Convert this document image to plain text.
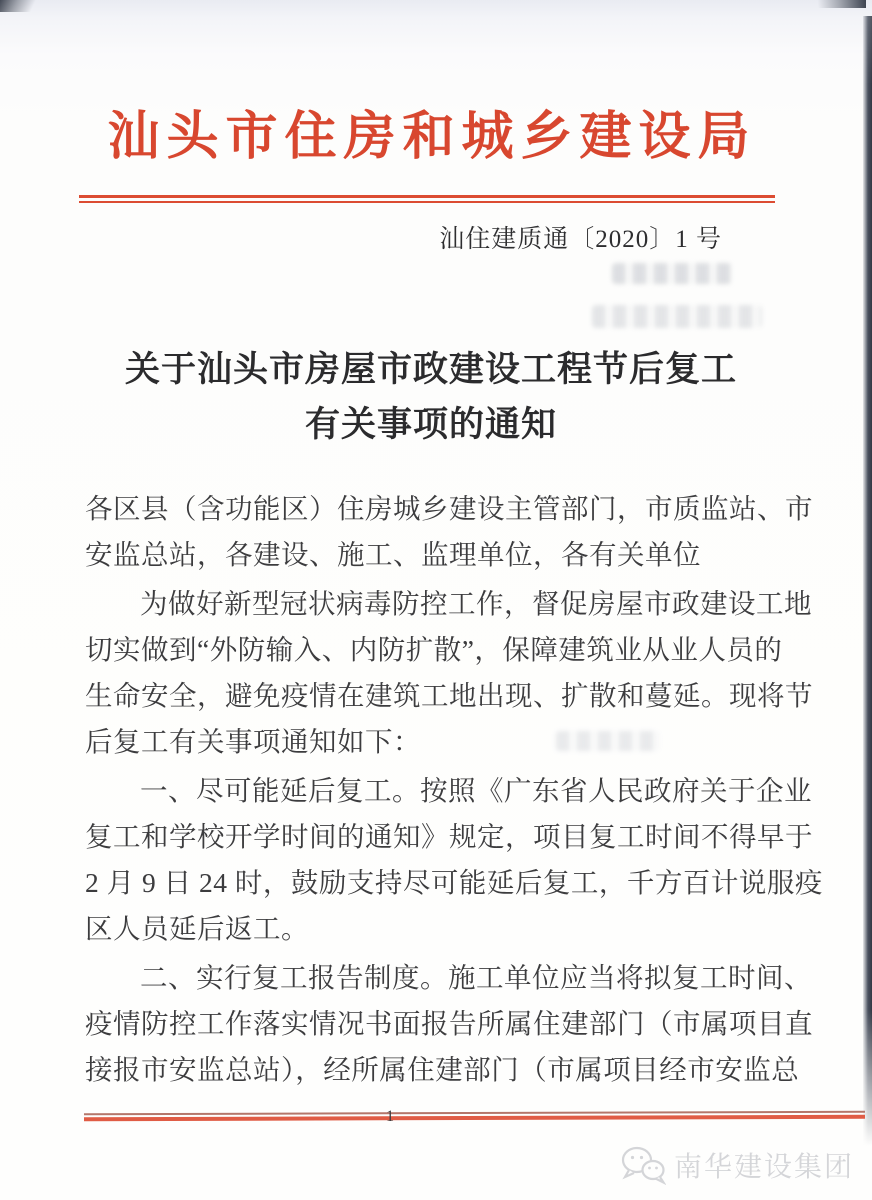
汕头市住房和城乡建设局
汕住建质通〔2020〕1 号
关于汕头市房屋市政建设工程节后复工
有关事项的通知
各区县（含功能区）住房城乡建设主管部门，市质监站、市
安监总站，各建设、施工、监理单位，各有关单位
为做好新型冠状病毒防控工作，督促房屋市政建设工地
切实做到“外防输入、内防扩散”，保障建筑业从业人员的
生命安全，避免疫情在建筑工地出现、扩散和蔓延。现将节
后复工有关事项通知如下：
一、尽可能延后复工。按照《广东省人民政府关于企业
复工和学校开学时间的通知》规定，项目复工时间不得早于
2 月 9 日 24 时，鼓励支持尽可能延后复工，千方百计说服疫
区人员延后返工。
二、实行复工报告制度。施工单位应当将拟复工时间、
疫情防控工作落实情况书面报告所属住建部门（市属项目直
接报市安监总站），经所属住建部门（市属项目经市安监总
1
南华建设集团
